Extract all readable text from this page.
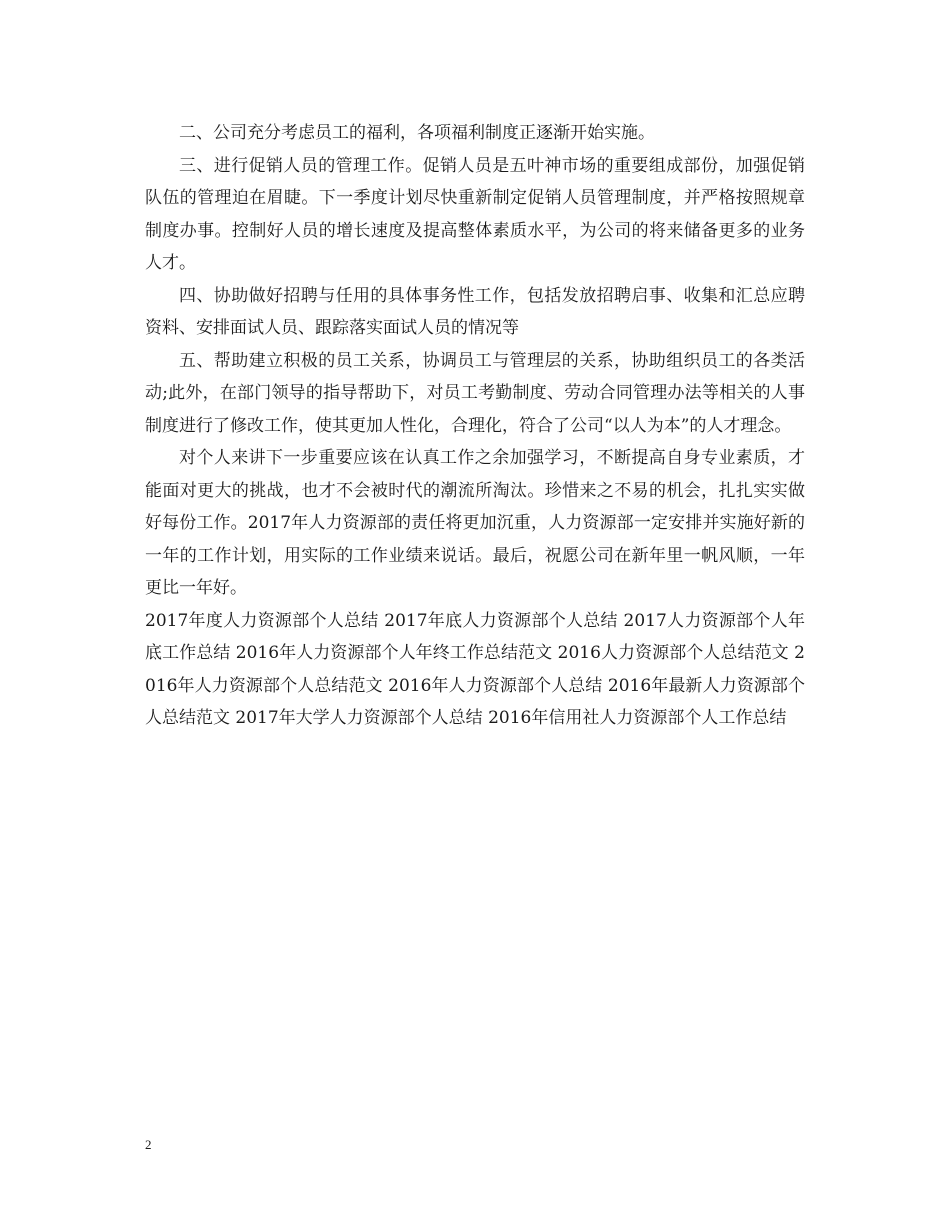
二、公司充分考虑员工的福利，各项福利制度正逐渐开始实施。

三、进行促销人员的管理工作。促销人员是五叶神市场的重要组成部份，加强促销队伍的管理迫在眉睫。下一季度计划尽快重新制定促销人员管理制度，并严格按照规章制度办事。控制好人员的增长速度及提高整体素质水平，为公司的将来储备更多的业务人才。

四、协助做好招聘与任用的具体事务性工作，包括发放招聘启事、收集和汇总应聘资料、安排面试人员、跟踪落实面试人员的情况等

五、帮助建立积极的员工关系，协调员工与管理层的关系，协助组织员工的各类活动;此外，在部门领导的指导帮助下，对员工考勤制度、劳动合同管理办法等相关的人事制度进行了修改工作，使其更加人性化，合理化，符合了公司“以人为本”的人才理念。

对个人来讲下一步重要应该在认真工作之余加强学习，不断提高自身专业素质，才能面对更大的挑战，也才不会被时代的潮流所淘汰。珍惜来之不易的机会，扎扎实实做好每份工作。2017年人力资源部的责任将更加沉重，人力资源部一定安排并实施好新的一年的工作计划，用实际的工作业绩来说话。最后，祝愿公司在新年里一帆风顺，一年更比一年好。

2017年度人力资源部个人总结 2017年底人力资源部个人总结 2017人力资源部个人年底工作总结 2016年人力资源部个人年终工作总结范文 2016人力资源部个人总结范文 2016年人力资源部个人总结范文 2016年人力资源部个人总结 2016年最新人力资源部个人总结范文 2017年大学人力资源部个人总结 2016年信用社人力资源部个人工作总结

2
